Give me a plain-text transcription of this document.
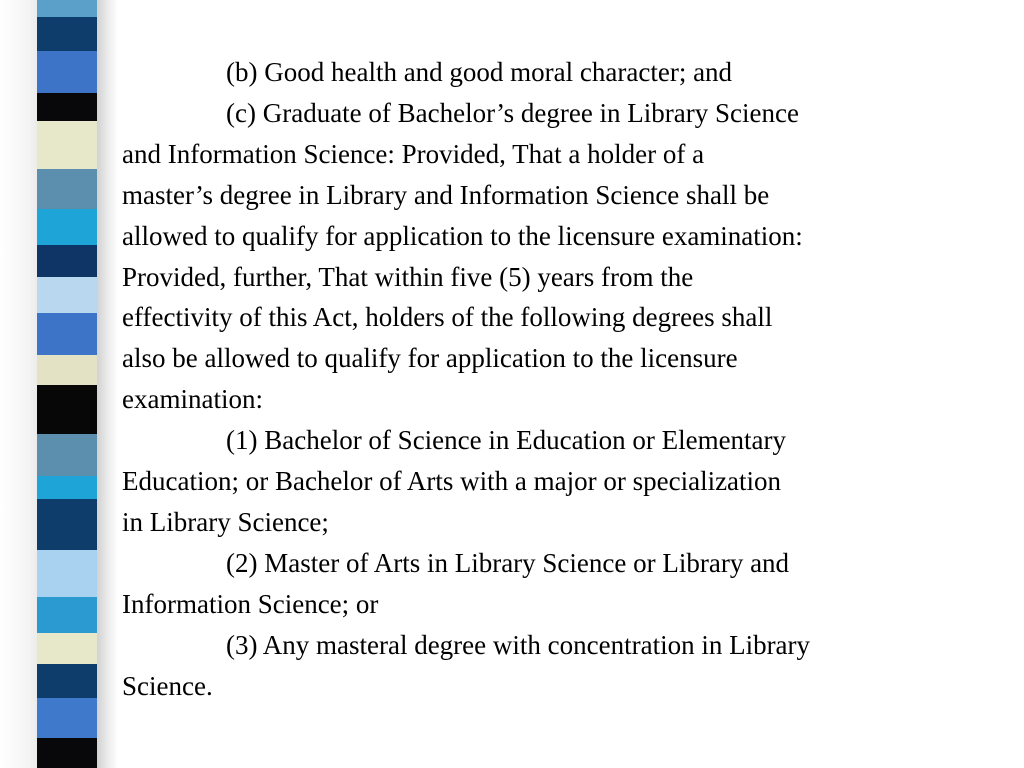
(b) Good health and good moral character; and

(c) Graduate of Bachelor’s degree in Library Science
and Information Science: Provided, That a holder of a
master’s degree in Library and Information Science shall be
allowed to qualify for application to the licensure examination:
Provided, further, That within five (5) years from the
effectivity of this Act, holders of the following degrees shall
also be allowed to qualify for application to the licensure
examination:

(1) Bachelor of Science in Education or Elementary
Education; or Bachelor of Arts with a major or specialization
in Library Science;

(2) Master of Arts in Library Science or Library and
Information Science; or

(3) Any masteral degree with concentration in Library
Science.
